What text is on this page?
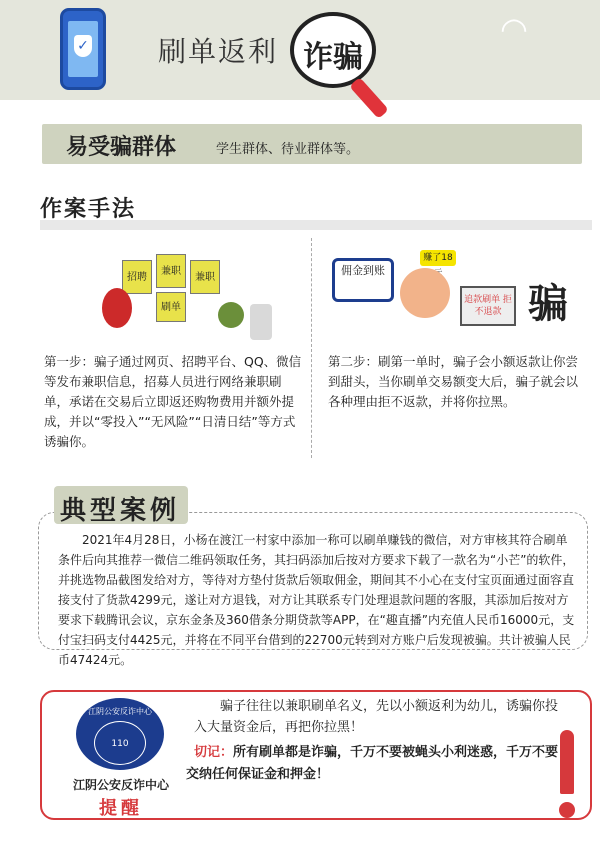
✓ 刷单返利 诈骗
◠
易受骗群体	学生群体、待业群体等。
作案手法
招聘
兼职
兼职
刷单
佣金到账
赚了18
追款刷单 拒不退款 骗
第一步：骗子通过网页、招聘平台、QQ、微信等发布兼职信息，招募人员进行网络兼职刷单，承诺在交易后立即返还购物费用并额外提成，并以“零投入”“无风险”“日清日结”等方式诱骗你。
第二步：刷第一单时，骗子会小额返款让你尝到甜头，当你刷单交易额变大后，骗子就会以各种理由拒不返款，并将你拉黑。
典型案例
2021年4月28日，小杨在渡江一村家中添加一称可以刷单赚钱的微信，对方审核其符合刷单条件后向其推荐一微信二维码领取任务，其扫码添加后按对方要求下载了一款名为“小芒”的软件，并挑选物品截图发给对方，等待对方垫付货款后领取佣金，期间其不小心在支付宝页面通过面容直接支付了货款4299元，遂让对方退钱，对方让其联系专门处理退款问题的客服，其添加后按对方要求下载腾讯会议，京东金条及360借条分期贷款等APP，在“趣直播”内充值人民币16000元，支付宝扫码支付4425元，并将在不同平台借到的22700元转到对方账户后发现被骗。共计被骗人民币47424元。
江阴公安反诈中心
110
江阴公安反诈中心
提醒
骗子往往以兼职刷单名义，先以小额返利为幼儿，诱骗你投入大量资金后，再把你拉黑！
切记：所有刷单都是诈骗，千万不要被蝇头小利迷惑，千万不要交纳任何保证金和押金！
